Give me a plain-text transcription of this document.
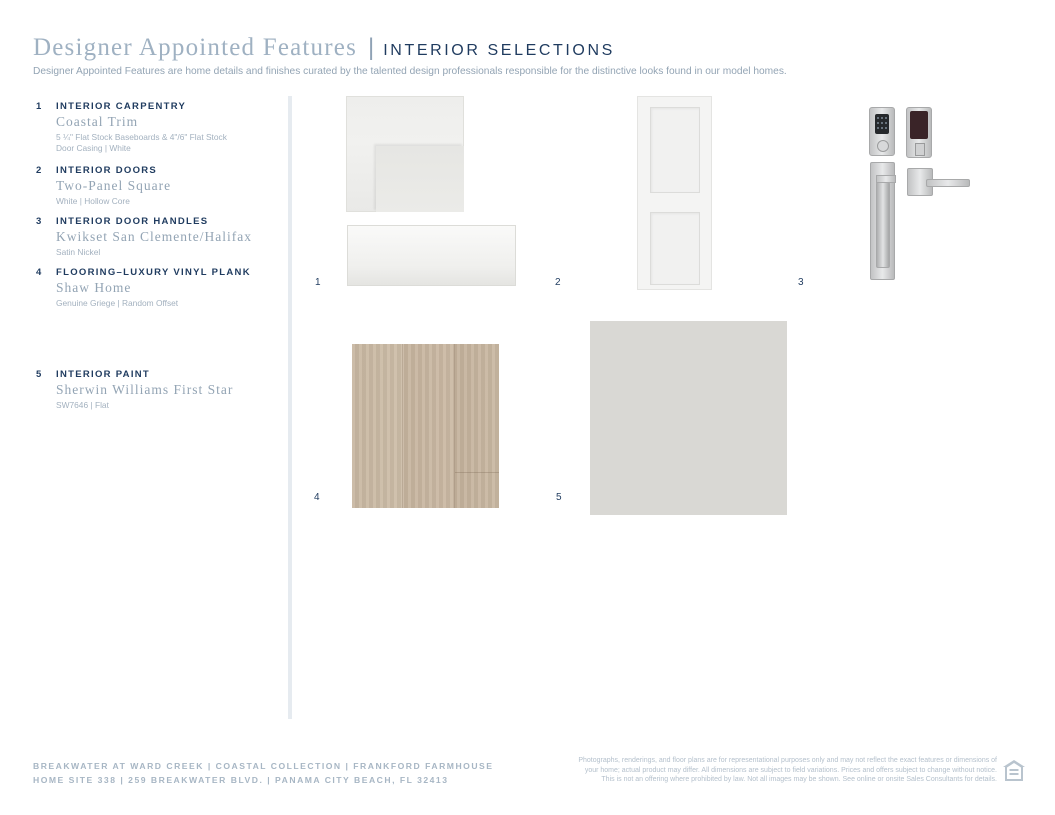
Designer Appointed Features | INTERIOR SELECTIONS
Designer Appointed Features are home details and finishes curated by the talented design professionals responsible for the distinctive looks found in our model homes.
1 INTERIOR CARPENTRY
Coastal Trim
5 ¼" Flat Stock Baseboards & 4"/6" Flat Stock
Door Casing | White
2 INTERIOR DOORS
Two-Panel Square
White | Hollow Core
3 INTERIOR DOOR HANDLES
Kwikset San Clemente/Halifax
Satin Nickel
4 FLOORING–LUXURY VINYL PLANK
Shaw Home
Genuine Griege | Random Offset
5 INTERIOR PAINT
Sherwin Williams First Star
SW7646 | Flat
1	2	3
4	5
BREAKWATER AT WARD CREEK | COASTAL COLLECTION | FRANKFORD FARMHOUSE
HOME SITE 338 | 259 BREAKWATER BLVD. | PANAMA CITY BEACH, FL 32413
Photographs, renderings, and floor plans are for representational purposes only and may not reflect the exact features or dimensions of
your home; actual product may differ. All dimensions are subject to field variations. Prices and offers subject to change without notice.
This is not an offering where prohibited by law. Not all images may be shown. See online or onsite Sales Consultants for details.
